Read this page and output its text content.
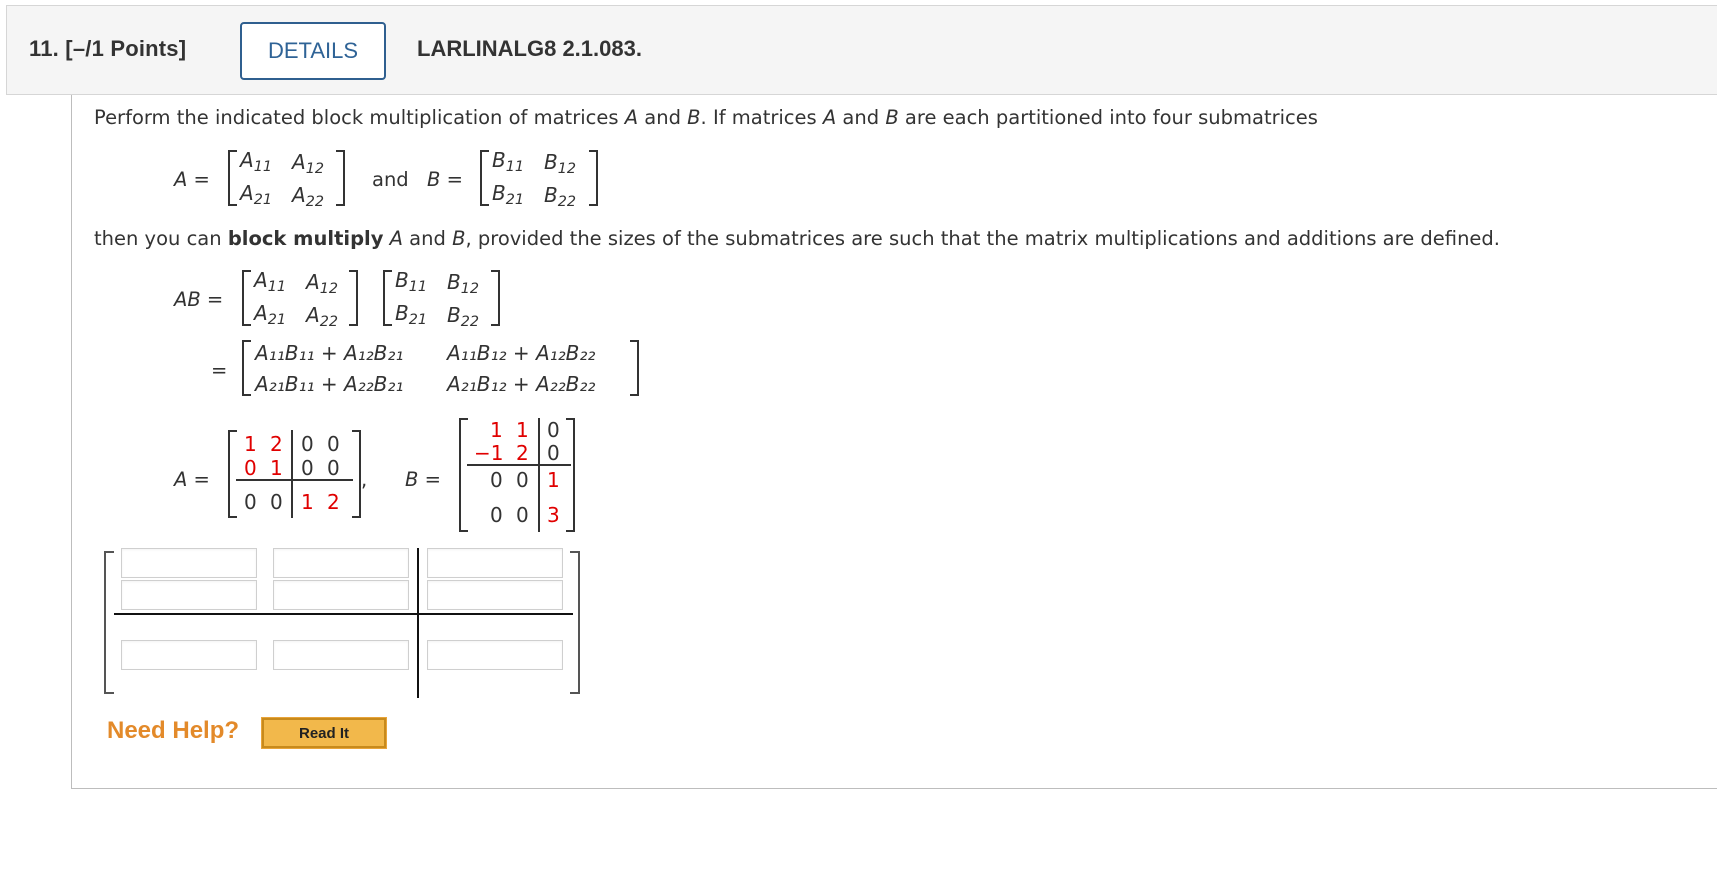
11. [–/1 Points]	DETAILS	LARLINALG8 2.1.083.
Perform the indicated block multiplication of matrices A and B. If matrices A and B are each partitioned into four submatrices
A =
$A_{11}$ $A_{12}$
$A_{21}$ $A_{22}$
and B =
$B_{11}$ $B_{12}$
$B_{21}$ $B_{22}$
then you can block multiply A and B, provided the sizes of the submatrices are such that the matrix multiplications and additions are defined.
AB =
$A_{11}$ $A_{12}$
$A_{21}$ $A_{22}$
$B_{11}$ $B_{12}$
$B_{21}$ $B_{22}$
=
A₁₁B₁₁ + A₁₂B₂₁ A₁₁B₁₂ + A₁₂B₂₂
A₂₁B₁₁ + A₂₂B₂₁ A₂₁B₁₂ + A₂₂B₂₂
A =
1 2 0 0
0 1 0 0
0 0 1 2
, B =
1 1 0
−1 2 0
0 0 1
0 0 3
Need Help?	Read It
